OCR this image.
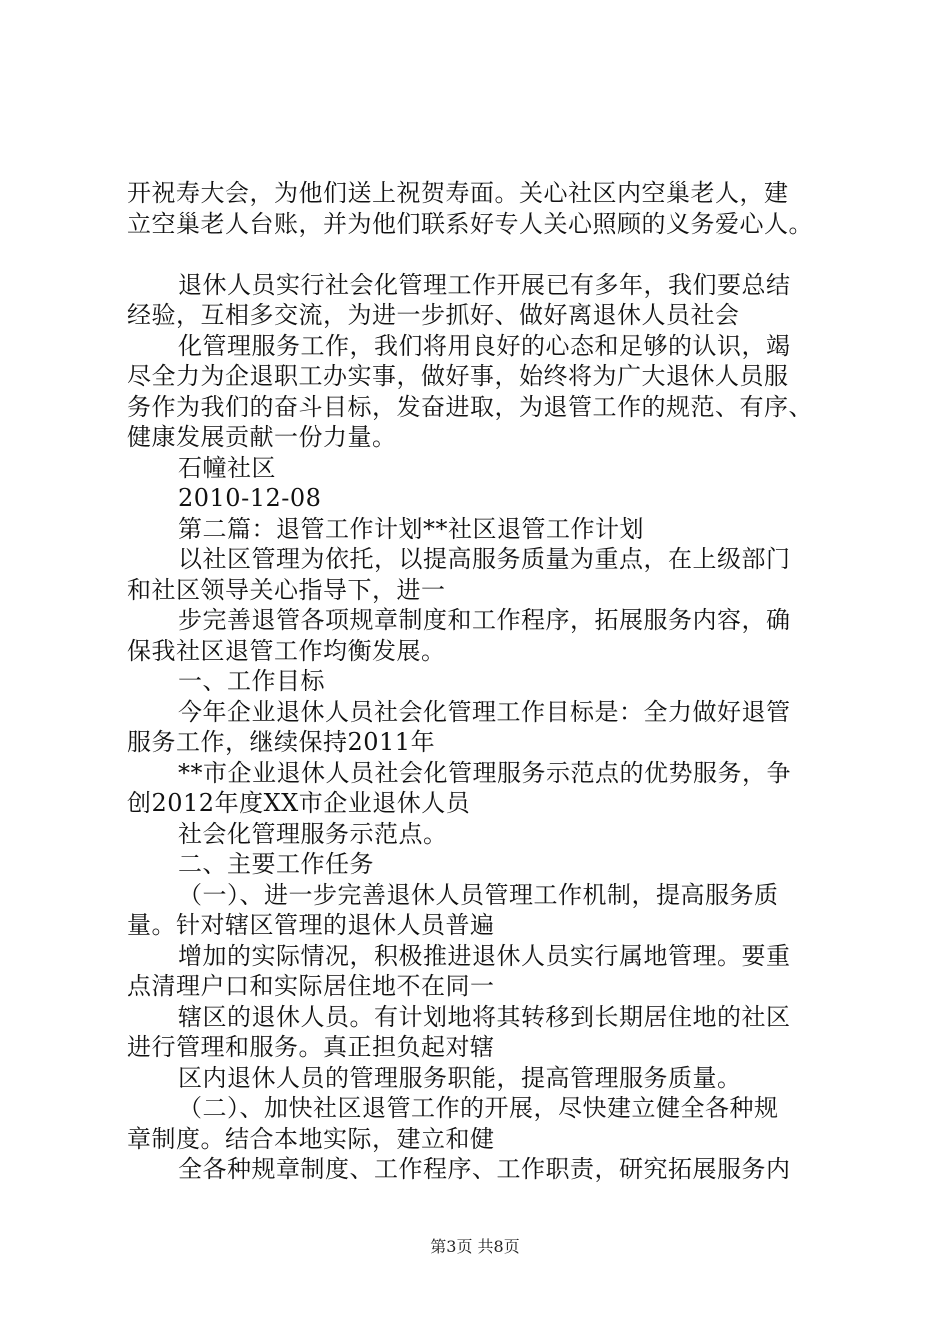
开祝寿大会，为他们送上祝贺寿面。关心社区内空巢老人，建
立空巢老人台账，并为他们联系好专人关心照顾的义务爱心人。
退休人员实行社会化管理工作开展已有多年，我们要总结
经验，互相多交流，为进一步抓好、做好离退休人员社会
化管理服务工作，我们将用良好的心态和足够的认识，竭
尽全力为企退职工办实事，做好事，始终将为广大退休人员服
务作为我们的奋斗目标，发奋进取，为退管工作的规范、有序、
健康发展贡献一份力量。
石幢社区
2010-12-08
第二篇：退管工作计划**社区退管工作计划
以社区管理为依托，以提高服务质量为重点，在上级部门
和社区领导关心指导下，进一
步完善退管各项规章制度和工作程序，拓展服务内容，确
保我社区退管工作均衡发展。
一、工作目标
今年企业退休人员社会化管理工作目标是：全力做好退管
服务工作，继续保持2011年
**市企业退休人员社会化管理服务示范点的优势服务，争
创2012年度XX市企业退休人员
社会化管理服务示范点。
二、主要工作任务
（一）、进一步完善退休人员管理工作机制，提高服务质
量。针对辖区管理的退休人员普遍
增加的实际情况，积极推进退休人员实行属地管理。要重
点清理户口和实际居住地不在同一
辖区的退休人员。有计划地将其转移到长期居住地的社区
进行管理和服务。真正担负起对辖
区内退休人员的管理服务职能，提高管理服务质量。
（二）、加快社区退管工作的开展，尽快建立健全各种规
章制度。结合本地实际，建立和健
全各种规章制度、工作程序、工作职责，研究拓展服务内
第3页 共8页
